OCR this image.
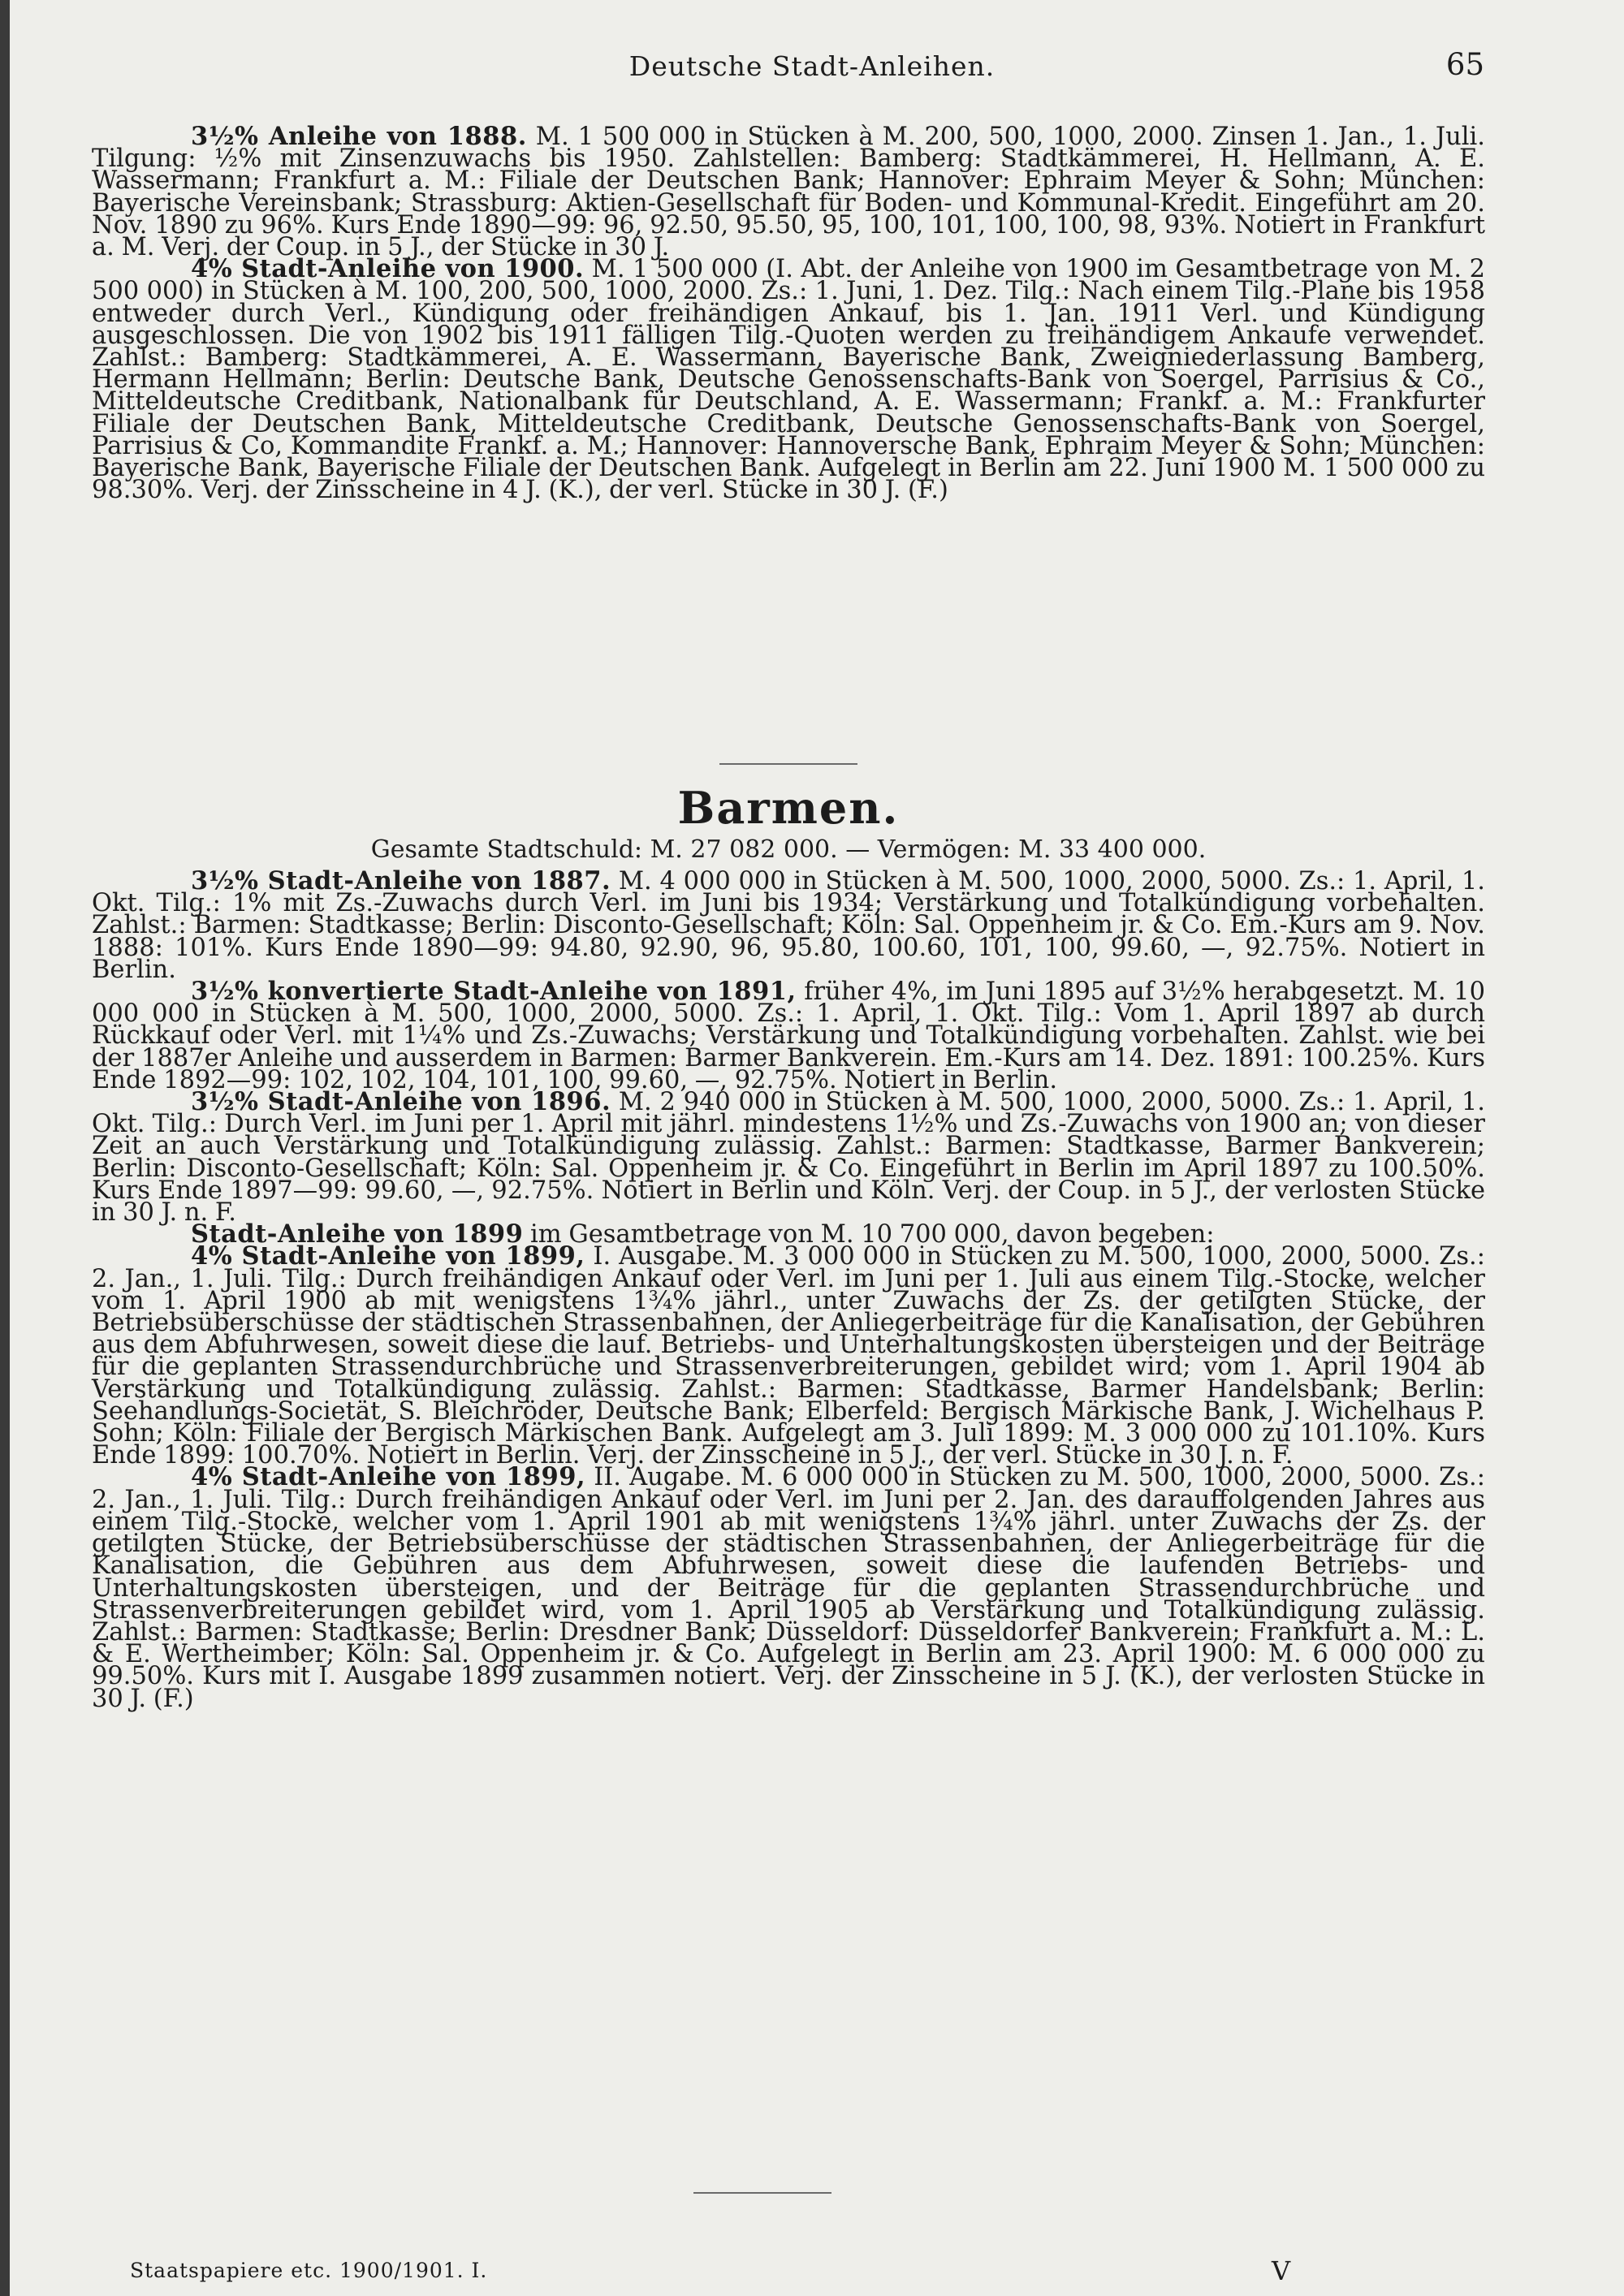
Deutsche Stadt-Anleihen.	65

3½% Anleihe von 1888. M. 1 500 000 in Stücken à M. 200, 500, 1000, 2000. Zinsen 1. Jan., 1. Juli. Tilgung: ½% mit Zinsenzuwachs bis 1950. Zahlstellen: Bamberg: Stadtkämmerei, H. Hellmann, A. E. Wassermann; Frankfurt a. M.: Filiale der Deutschen Bank; Hannover: Ephraim Meyer & Sohn; München: Bayerische Vereinsbank; Strassburg: Aktien-Gesellschaft für Boden- und Kommunal-Kredit. Eingeführt am 20. Nov. 1890 zu 96%. Kurs Ende 1890—99: 96, 92.50, 95.50, 95, 100, 101, 100, 100, 98, 93%. Notiert in Frankfurt a. M. Verj. der Coup. in 5 J., der Stücke in 30 J.

4% Stadt-Anleihe von 1900. M. 1 500 000 (I. Abt. der Anleihe von 1900 im Gesamtbetrage von M. 2 500 000) in Stücken à M. 100, 200, 500, 1000, 2000. Zs.: 1. Juni, 1. Dez. Tilg.: Nach einem Tilg.-Plane bis 1958 entweder durch Verl., Kündigung oder freihändigen Ankauf, bis 1. Jan. 1911 Verl. und Kündigung ausgeschlossen. Die von 1902 bis 1911 fälligen Tilg.-Quoten werden zu freihändigem Ankaufe verwendet. Zahlst.: Bamberg: Stadtkämmerei, A. E. Wassermann, Bayerische Bank, Zweigniederlassung Bamberg, Hermann Hellmann; Berlin: Deutsche Bank, Deutsche Genossenschafts-Bank von Soergel, Parrisius & Co., Mitteldeutsche Creditbank, Nationalbank für Deutschland, A. E. Wassermann; Frankf. a. M.: Frankfurter Filiale der Deutschen Bank, Mitteldeutsche Creditbank, Deutsche Genossenschafts-Bank von Soergel, Parrisius & Co, Kommandite Frankf. a. M.; Hannover: Hannoversche Bank, Ephraim Meyer & Sohn; München: Bayerische Bank, Bayerische Filiale der Deutschen Bank. Aufgelegt in Berlin am 22. Juni 1900 M. 1 500 000 zu 98.30%. Verj. der Zinsscheine in 4 J. (K.), der verl. Stücke in 30 J. (F.)

Barmen.
Gesamte Stadtschuld: M. 27 082 000. — Vermögen: M. 33 400 000.

3½% Stadt-Anleihe von 1887. M. 4 000 000 in Stücken à M. 500, 1000, 2000, 5000. Zs.: 1. April, 1. Okt. Tilg.: 1% mit Zs.-Zuwachs durch Verl. im Juni bis 1934; Verstärkung und Totalkündigung vorbehalten. Zahlst.: Barmen: Stadtkasse; Berlin: Disconto-Gesellschaft; Köln: Sal. Oppenheim jr. & Co. Em.-Kurs am 9. Nov. 1888: 101%. Kurs Ende 1890—99: 94.80, 92.90, 96, 95.80, 100.60, 101, 100, 99.60, —, 92.75%. Notiert in Berlin.

3½% konvertierte Stadt-Anleihe von 1891, früher 4%, im Juni 1895 auf 3½% herabgesetzt. M. 10 000 000 in Stücken à M. 500, 1000, 2000, 5000. Zs.: 1. April, 1. Okt. Tilg.: Vom 1. April 1897 ab durch Rückkauf oder Verl. mit 1¼% und Zs.-Zuwachs; Verstärkung und Totalkündigung vorbehalten. Zahlst. wie bei der 1887er Anleihe und ausserdem in Barmen: Barmer Bankverein. Em.-Kurs am 14. Dez. 1891: 100.25%. Kurs Ende 1892—99: 102, 102, 104, 101, 100, 99.60, —, 92.75%. Notiert in Berlin.

3½% Stadt-Anleihe von 1896. M. 2 940 000 in Stücken à M. 500, 1000, 2000, 5000. Zs.: 1. April, 1. Okt. Tilg.: Durch Verl. im Juni per 1. April mit jährl. mindestens 1½% und Zs.-Zuwachs von 1900 an; von dieser Zeit an auch Verstärkung und Totalkündigung zulässig. Zahlst.: Barmen: Stadtkasse, Barmer Bankverein; Berlin: Disconto-Gesellschaft; Köln: Sal. Oppenheim jr. & Co. Eingeführt in Berlin im April 1897 zu 100.50%. Kurs Ende 1897—99: 99.60, —, 92.75%. Notiert in Berlin und Köln. Verj. der Coup. in 5 J., der verlosten Stücke in 30 J. n. F.

Stadt-Anleihe von 1899 im Gesamtbetrage von M. 10 700 000, davon begeben:

4% Stadt-Anleihe von 1899, I. Ausgabe. M. 3 000 000 in Stücken zu M. 500, 1000, 2000, 5000. Zs.: 2. Jan., 1. Juli. Tilg.: Durch freihändigen Ankauf oder Verl. im Juni per 1. Juli aus einem Tilg.-Stocke, welcher vom 1. April 1900 ab mit wenigstens 1¾% jährl., unter Zuwachs der Zs. der getilgten Stücke, der Betriebsüberschüsse der städtischen Strassenbahnen, der Anliegerbeiträge für die Kanalisation, der Gebühren aus dem Abfuhrwesen, soweit diese die lauf. Betriebs- und Unterhaltungskosten übersteigen und der Beiträge für die geplanten Strassendurchbrüche und Strassenverbreiterungen, gebildet wird; vom 1. April 1904 ab Verstärkung und Totalkündigung zulässig. Zahlst.: Barmen: Stadtkasse, Barmer Handelsbank; Berlin: Seehandlungs-Societät, S. Bleichröder, Deutsche Bank; Elberfeld: Bergisch Märkische Bank, J. Wichelhaus P. Sohn; Köln: Filiale der Bergisch Märkischen Bank. Aufgelegt am 3. Juli 1899: M. 3 000 000 zu 101.10%. Kurs Ende 1899: 100.70%. Notiert in Berlin. Verj. der Zinsscheine in 5 J., der verl. Stücke in 30 J. n. F.

4% Stadt-Anleihe von 1899, II. Augabe. M. 6 000 000 in Stücken zu M. 500, 1000, 2000, 5000. Zs.: 2. Jan., 1. Juli. Tilg.: Durch freihändigen Ankauf oder Verl. im Juni per 2. Jan. des darauffolgenden Jahres aus einem Tilg.-Stocke, welcher vom 1. April 1901 ab mit wenigstens 1¾% jährl. unter Zuwachs der Zs. der getilgten Stücke, der Betriebsüberschüsse der städtischen Strassenbahnen, der Anliegerbeiträge für die Kanalisation, die Gebühren aus dem Abfuhrwesen, soweit diese die laufenden Betriebs- und Unterhaltungskosten übersteigen, und der Beiträge für die geplanten Strassendurchbrüche und Strassenverbreiterungen gebildet wird, vom 1. April 1905 ab Verstärkung und Totalkündigung zulässig. Zahlst.: Barmen: Stadtkasse; Berlin: Dresdner Bank; Düsseldorf: Düsseldorfer Bankverein; Frankfurt a. M.: L. & E. Wertheimber; Köln: Sal. Oppenheim jr. & Co. Aufgelegt in Berlin am 23. April 1900: M. 6 000 000 zu 99.50%. Kurs mit I. Ausgabe 1899 zusammen notiert. Verj. der Zinsscheine in 5 J. (K.), der verlosten Stücke in 30 J. (F.)

Staatspapiere etc. 1900/1901. I.	V
